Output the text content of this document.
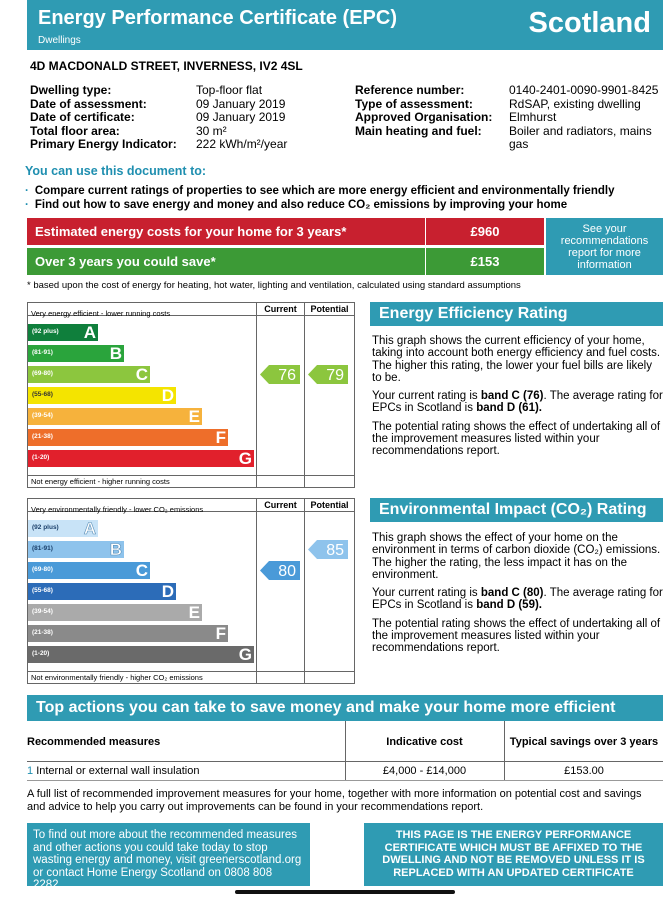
Energy Performance Certificate (EPC)
Dwellings
Scotland
4D MACDONALD STREET, INVERNESS, IV2 4SL
Dwelling type:	Top-floor flat
Date of assessment:	09 January 2019
Date of certificate:	09 January 2019
Total floor area:	30 m²
Primary Energy Indicator:	222 kWh/m²/year
Reference number:	0140-2401-0090-9901-8425
Type of assessment:	RdSAP, existing dwelling
Approved Organisation:	Elmhurst
Main heating and fuel:	Boiler and radiators, mains gas
You can use this document to:
· Compare current ratings of properties to see which are more energy efficient and environmentally friendly
· Find out how to save energy and money and also reduce CO₂ emissions by improving your home
Estimated energy costs for your home for 3 years*	£960
Over 3 years you could save*	£153
See your recommendations report for more information
* based upon the cost of energy for heating, hot water, lighting and ventilation, calculated using standard assumptions
Current	Potential
Very energy efficient - lower running costs
Not energy efficient - higher running costs
(92 plus) A
(81-91)	B
(69-80)	C
(55-68)	D
(39-54)	E
(21-38)	F
(1-20)	G
76 79
Energy Efficiency Rating

This graph shows the current efficiency of your home, taking into account both energy efficiency and fuel costs. The higher this rating, the lower your fuel bills are likely to be.

Your current rating is band C (76). The average rating for EPCs in Scotland is band D (61).

The potential rating shows the effect of undertaking all of the improvement measures listed within your recommendations report.

Current	Potential
Very environmentally friendly - lower CO₂ emissions
Not environmentally friendly - higher CO₂ emissions
(92 plus) A
(81-91)	B
(69-80)	C
(55-68)	D
(39-54)	E
(21-38)	F
(1-20)	G
80
85
Environmental Impact (CO₂) Rating

This graph shows the effect of your home on the environment in terms of carbon dioxide (CO₂) emissions. The higher the rating, the less impact it has on the environment.

Your current rating is band C (80). The average rating for EPCs in Scotland is band D (59).

The potential rating shows the effect of undertaking all of the improvement measures listed within your recommendations report.

Top actions you can take to save money and make your home more efficient
Recommended measures	Indicative cost	Typical savings over 3 years
1 Internal or external wall insulation	£4,000 - £14,000	£153.00
A full list of recommended improvement measures for your home, together with more information on potential cost and savings and advice to help you carry out improvements can be found in your recommendations report.
To find out more about the recommended measures and other actions you could take today to stop wasting energy and money, visit greenerscotland.org or contact Home Energy Scotland on 0808 808 2282.
THIS PAGE IS THE ENERGY PERFORMANCE CERTIFICATE WHICH MUST BE AFFIXED TO THE DWELLING AND NOT BE REMOVED UNLESS IT IS REPLACED WITH AN UPDATED CERTIFICATE
